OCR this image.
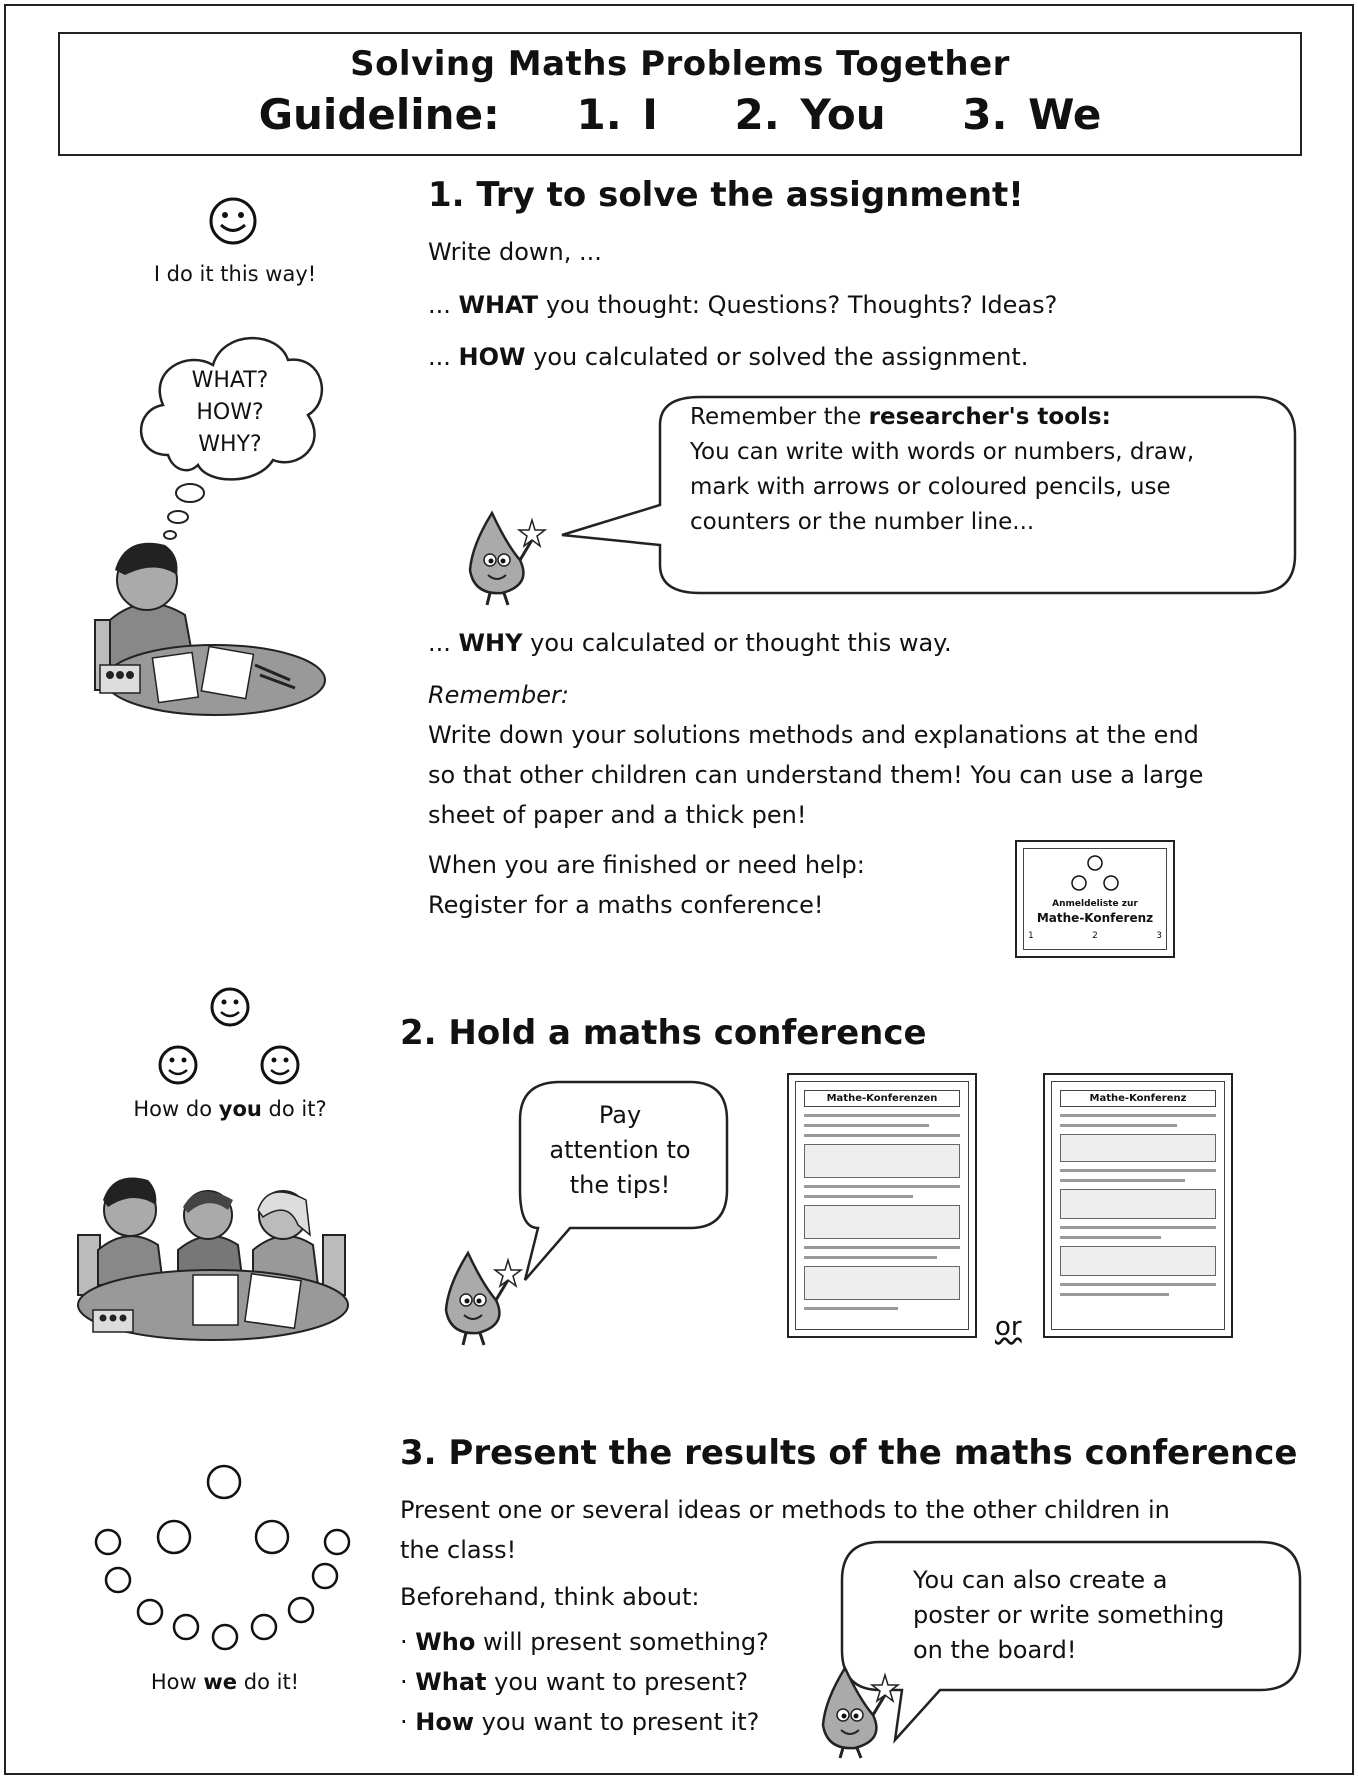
Solving Maths Problems Together
Guideline: 1. I 2. You 3. We
I do it this way!
WHAT?
HOW?
WHY?
1. Try to solve the assignment!
Write down, ...
... WHAT you thought: Questions? Thoughts? Ideas?
... HOW you calculated or solved the assignment.
Remember the researcher's tools:
You can write with words or numbers, draw,
mark with arrows or coloured pencils, use
counters or the number line...
... WHY you calculated or thought this way.
Remember:
Write down your solutions methods and explanations at the end
so that other children can understand them! You can use a large
sheet of paper and a thick pen!
When you are finished or need help:
Register for a maths conference!	Anmeldeliste zur
Mathe-Konferenz
1	2	3
How do you do it?
2. Hold a maths conference
Pay
attention to
the tips!
Mathe-Konferenzen
or
Mathe-Konferenz
How we do it!
3. Present the results of the maths conference
Present one or several ideas or methods to the other children in
the class!
Beforehand, think about:
· Who will present something?
· What you want to present?
· How you want to present it?
You can also create a
poster or write something
on the board!
